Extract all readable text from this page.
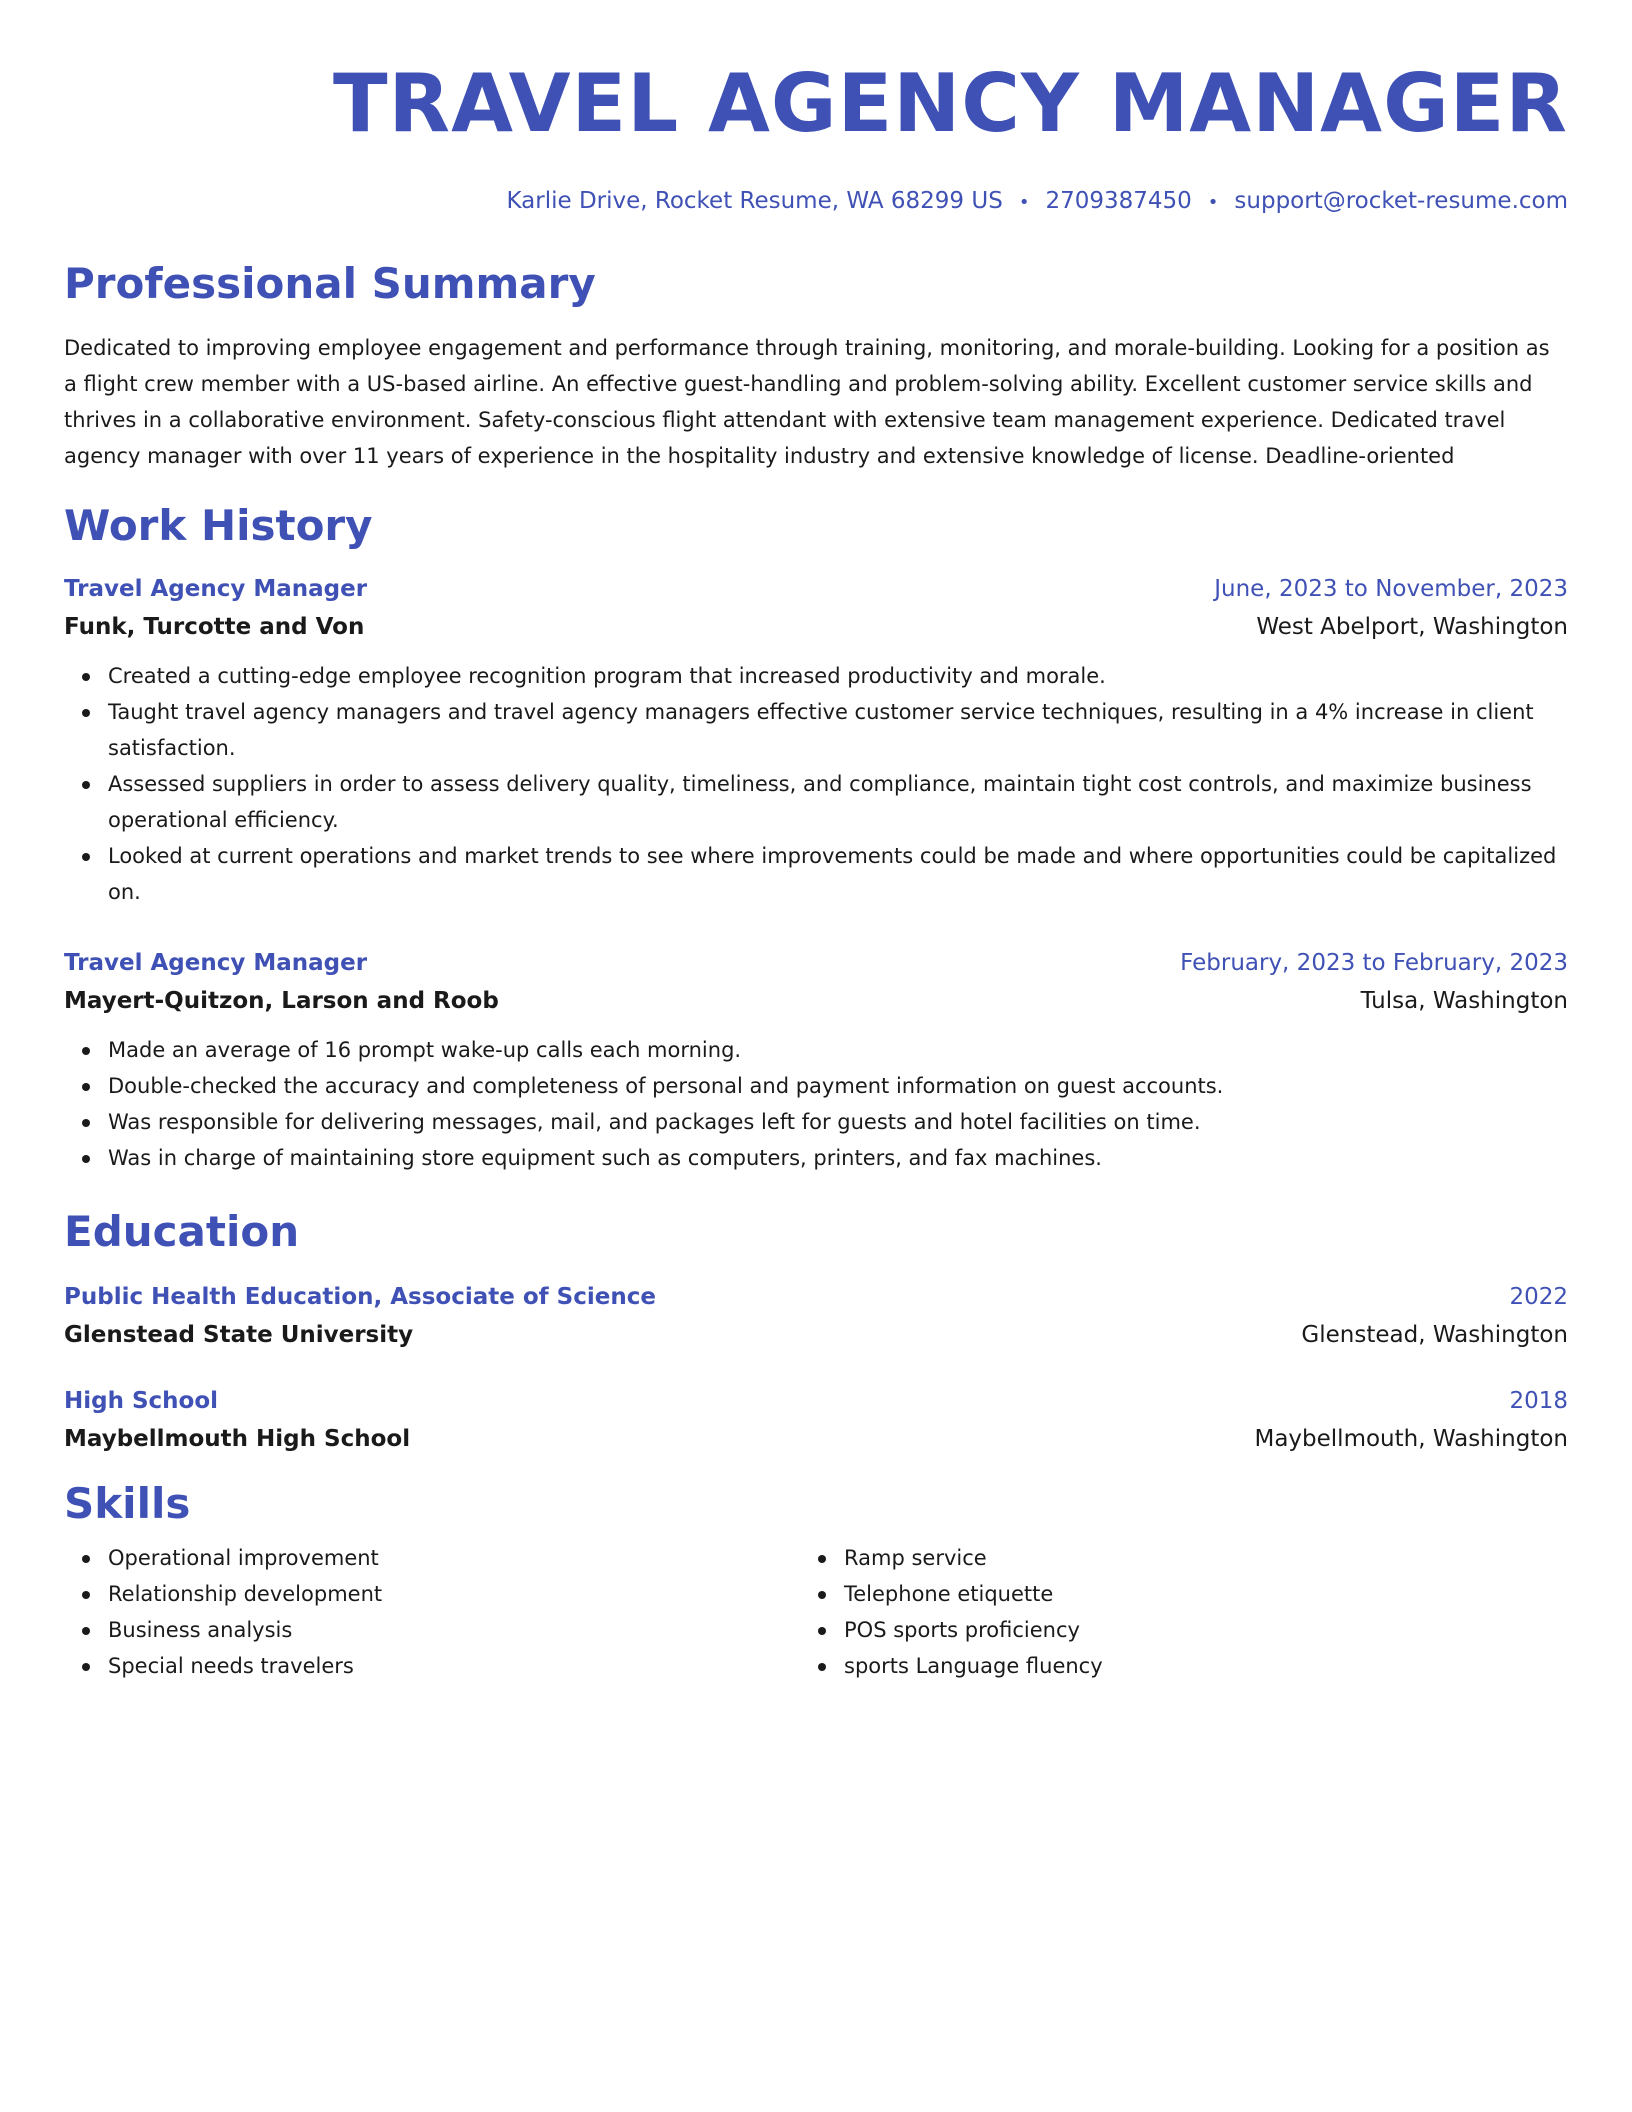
TRAVEL AGENCY MANAGER
Karlie Drive, Rocket Resume, WA 68299 US • 2709387450 • support@rocket-resume.com
Professional Summary
Dedicated to improving employee engagement and performance through training, monitoring, and morale-building. Looking for a position as a flight crew member with a US-based airline. An effective guest-handling and problem-solving ability. Excellent customer service skills and thrives in a collaborative environment. Safety-conscious flight attendant with extensive team management experience. Dedicated travel agency manager with over 11 years of experience in the hospitality industry and extensive knowledge of license. Deadline-oriented
Work History
Travel Agency Manager	June, 2023 to November, 2023
Funk, Turcotte and Von	West Abelport, Washington
Created a cutting-edge employee recognition program that increased productivity and morale.
Taught travel agency managers and travel agency managers effective customer service techniques, resulting in a 4% increase in client satisfaction.
Assessed suppliers in order to assess delivery quality, timeliness, and compliance, maintain tight cost controls, and maximize business operational efficiency.
Looked at current operations and market trends to see where improvements could be made and where opportunities could be capitalized on.
Travel Agency Manager	February, 2023 to February, 2023
Mayert-Quitzon, Larson and Roob	Tulsa, Washington
Made an average of 16 prompt wake-up calls each morning.
Double-checked the accuracy and completeness of personal and payment information on guest accounts.
Was responsible for delivering messages, mail, and packages left for guests and hotel facilities on time.
Was in charge of maintaining store equipment such as computers, printers, and fax machines.
Education
Public Health Education, Associate of Science	2022
Glenstead State University	Glenstead, Washington
High School	2018
Maybellmouth High School	Maybellmouth, Washington
Skills
Operational improvement
Relationship development
Business analysis
Special needs travelers
Ramp service
Telephone etiquette
POS sports proficiency
sports Language fluency
